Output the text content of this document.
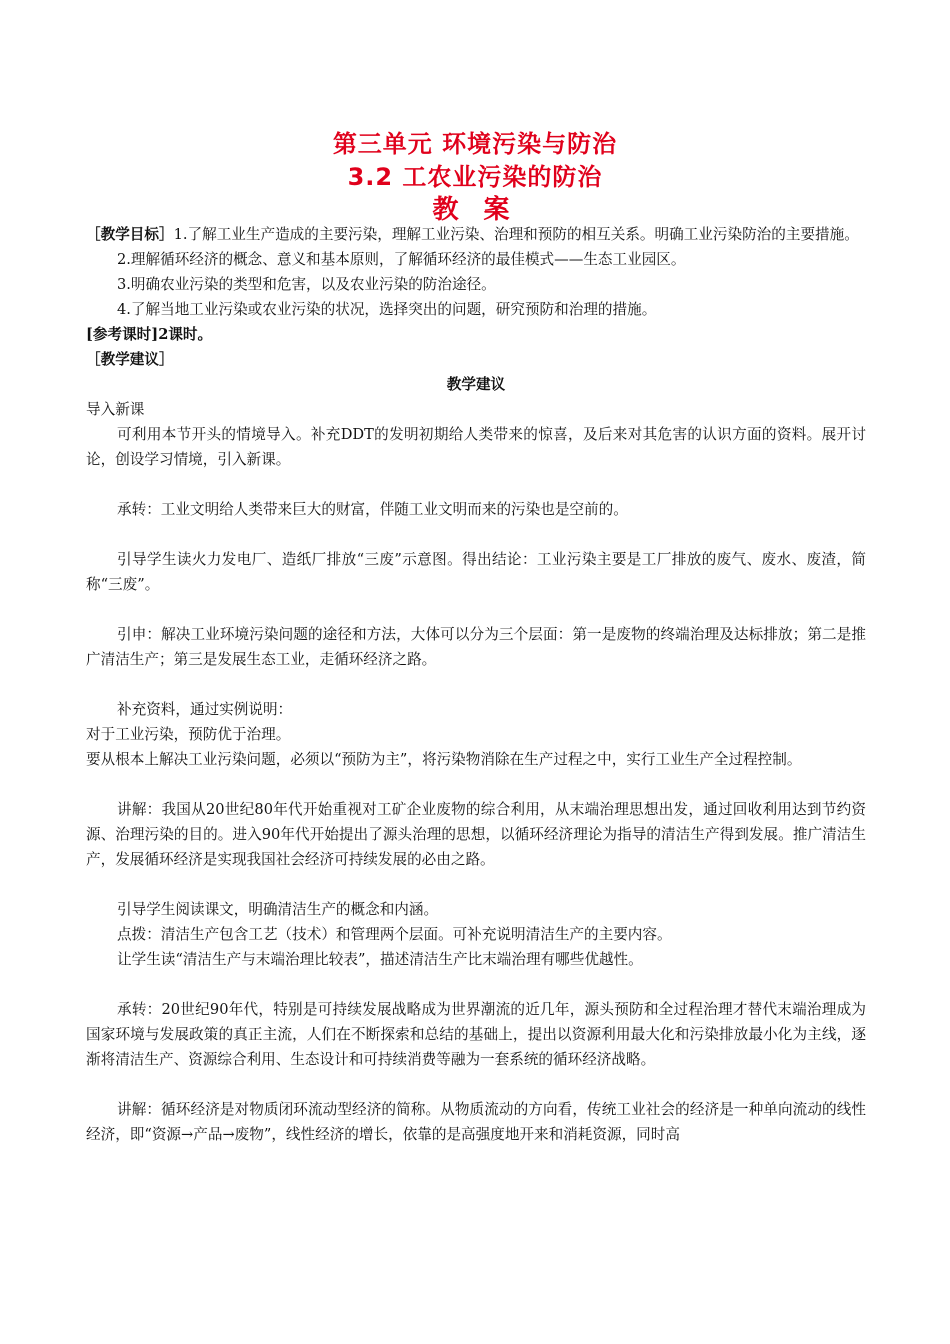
第三单元 环境污染与防治
3.2 工农业污染的防治
教 案

［教学目标］1.了解工业生产造成的主要污染，理解工业污染、治理和预防的相互关系。明确工业污染防治的主要措施。

2.理解循环经济的概念、意义和基本原则，了解循环经济的最佳模式——生态工业园区。

3.明确农业污染的类型和危害，以及农业污染的防治途径。

4.了解当地工业污染或农业污染的状况，选择突出的问题，研究预防和治理的措施。

[参考课时]2课时。

［教学建议］

教学建议

导入新课

可利用本节开头的情境导入。补充DDT的发明初期给人类带来的惊喜，及后来对其危害的认识方面的资料。展开讨论，创设学习情境，引入新课。

承转：工业文明给人类带来巨大的财富，伴随工业文明而来的污染也是空前的。

引导学生读火力发电厂、造纸厂排放“三废”示意图。得出结论：工业污染主要是工厂排放的废气、废水、废渣，简称“三废”。

引申：解决工业环境污染问题的途径和方法，大体可以分为三个层面：第一是废物的终端治理及达标排放；第二是推广清洁生产；第三是发展生态工业，走循环经济之路。

补充资料，通过实例说明：

对于工业污染，预防优于治理。

要从根本上解决工业污染问题，必须以“预防为主”，将污染物消除在生产过程之中，实行工业生产全过程控制。

讲解：我国从20世纪80年代开始重视对工矿企业废物的综合利用，从末端治理思想出发，通过回收利用达到节约资源、治理污染的目的。进入90年代开始提出了源头治理的思想，以循环经济理论为指导的清洁生产得到发展。推广清洁生产，发展循环经济是实现我国社会经济可持续发展的必由之路。

引导学生阅读课文，明确清洁生产的概念和内涵。

点拨：清洁生产包含工艺（技术）和管理两个层面。可补充说明清洁生产的主要内容。

让学生读“清洁生产与末端治理比较表”，描述清洁生产比末端治理有哪些优越性。

承转：20世纪90年代，特别是可持续发展战略成为世界潮流的近几年，源头预防和全过程治理才替代末端治理成为国家环境与发展政策的真正主流，人们在不断探索和总结的基础上，提出以资源利用最大化和污染排放最小化为主线，逐渐将清洁生产、资源综合利用、生态设计和可持续消费等融为一套系统的循环经济战略。

讲解：循环经济是对物质闭环流动型经济的简称。从物质流动的方向看，传统工业社会的经济是一种单向流动的线性经济，即“资源→产品→废物”，线性经济的增长，依靠的是高强度地开来和消耗资源，同时高
